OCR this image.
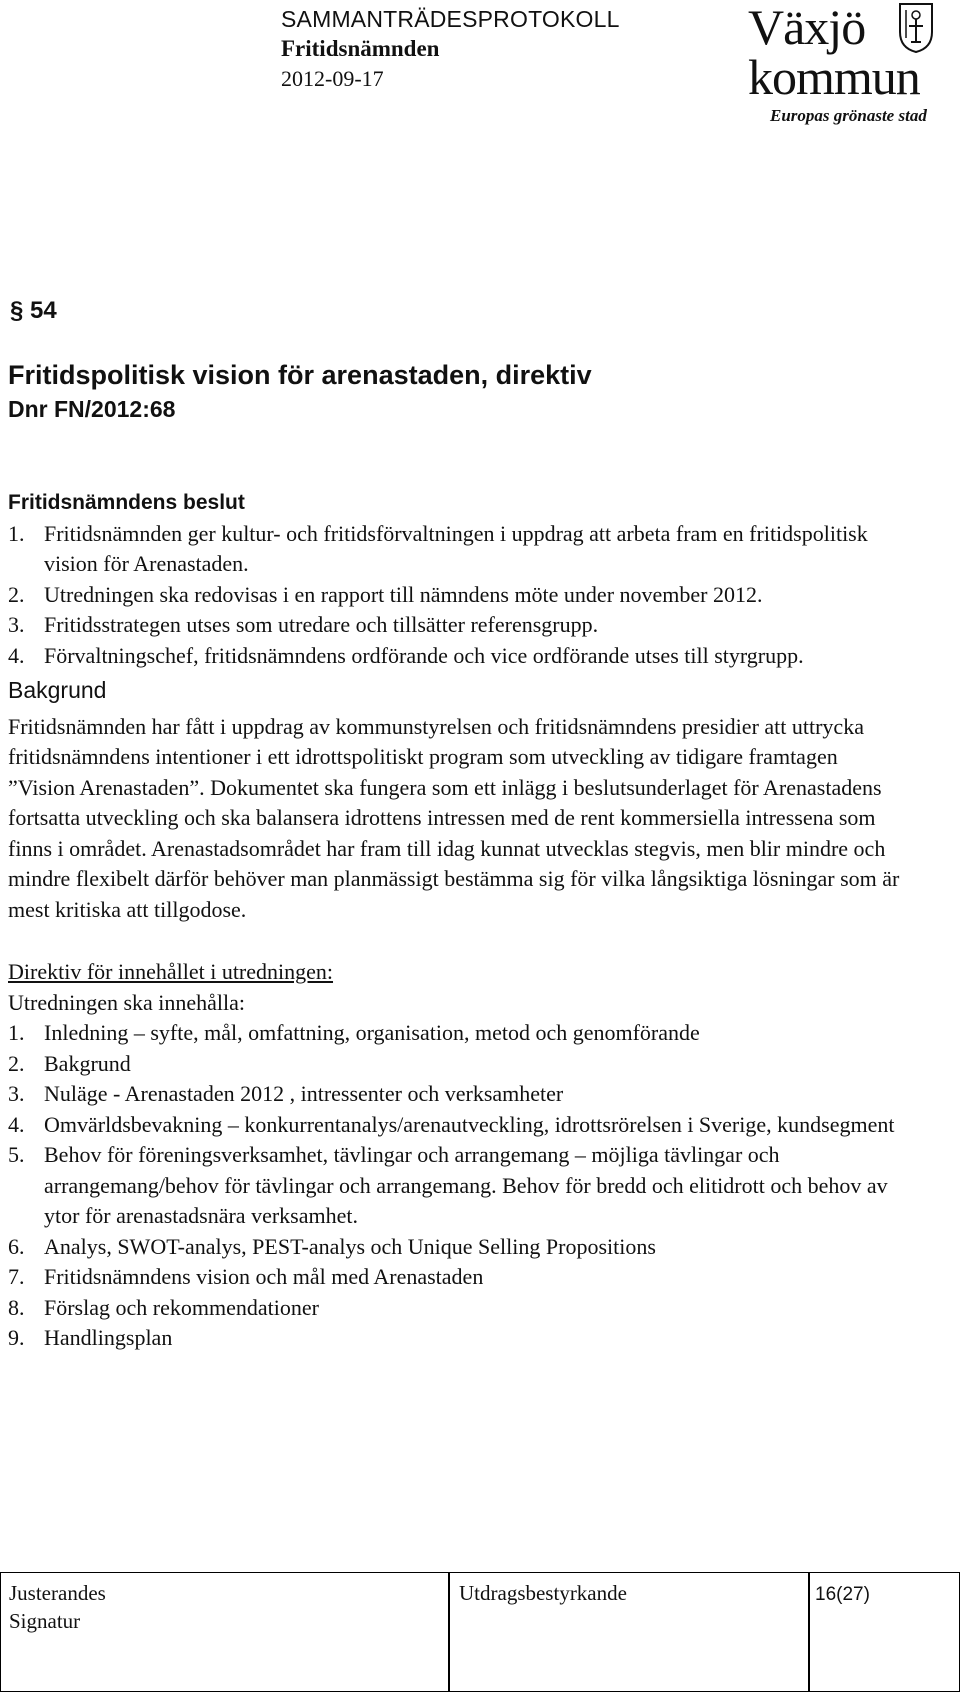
SAMMANTRÄDESPROTOKOLL
Fritidsnämnden
2012-09-17
Växjö
kommun
Europas grönaste stad
§ 54
Fritidspolitisk vision för arenastaden, direktiv
Dnr FN/2012:68

Fritidsnämndens beslut

1. Fritidsnämnden ger kultur- och fritidsförvaltningen i uppdrag att arbeta fram en fritidspolitisk vision för Arenastaden.
2. Utredningen ska redovisas i en rapport till nämndens möte under november 2012.
3. Fritidsstrategen utses som utredare och tillsätter referensgrupp.
4. Förvaltningschef, fritidsnämndens ordförande och vice ordförande utses till styrgrupp.

Bakgrund

Fritidsnämnden har fått i uppdrag av kommunstyrelsen och fritidsnämndens presidier att uttrycka fritidsnämndens intentioner i ett idrottspolitiskt program som utveckling av tidigare framtagen ”Vision Arenastaden”. Dokumentet ska fungera som ett inlägg i beslutsunderlaget för Arenastadens fortsatta utveckling och ska balansera idrottens intressen med de rent kommersiella intressena som finns i området. Arenastadsområdet har fram till idag kunnat utvecklas stegvis, men blir mindre och mindre flexibelt därför behöver man planmässigt bestämma sig för vilka långsiktiga lösningar som är mest kritiska att tillgodose.

Direktiv för innehållet i utredningen:

Utredningen ska innehålla:

1. Inledning – syfte, mål, omfattning, organisation, metod och genomförande
2. Bakgrund
3. Nuläge - Arenastaden 2012 , intressenter och verksamheter
4. Omvärldsbevakning – konkurrentanalys/arenautveckling, idrottsrörelsen i Sverige, kundsegment
5. Behov för föreningsverksamhet, tävlingar och arrangemang – möjliga tävlingar och arrangemang/behov för tävlingar och arrangemang. Behov för bredd och elitidrott och behov av ytor för arenastadsnära verksamhet.
6. Analys, SWOT-analys, PEST-analys och Unique Selling Propositions
7. Fritidsnämndens vision och mål med Arenastaden
8. Förslag och rekommendationer
9. Handlingsplan
Justerandes
Signatur
Utdragsbestyrkande	16(27)
